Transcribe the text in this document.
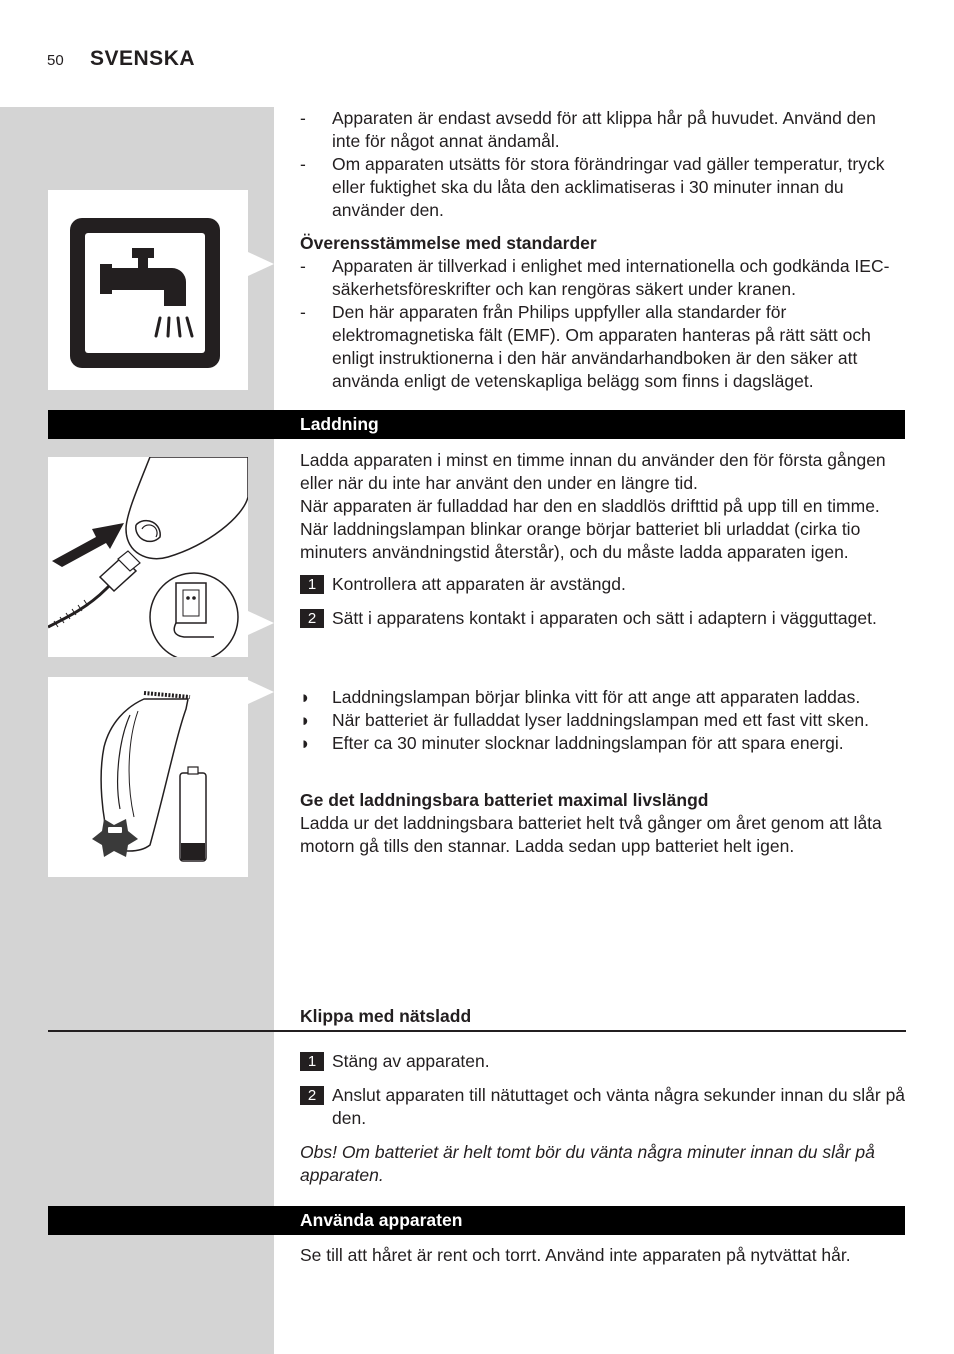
50 SVENSKA
- Apparaten är endast avsedd för att klippa hår på huvudet. Använd den inte för något annat ändamål.
- Om apparaten utsätts för stora förändringar vad gäller temperatur, tryck eller fuktighet ska du låta den acklimatiseras i 30 minuter innan du använder den.
Överensstämmelse med standarder
- Apparaten är tillverkad i enlighet med internationella och godkända IEC-säkerhetsföreskrifter och kan rengöras säkert under kranen.
- Den här apparaten från Philips uppfyller alla standarder för elektromagnetiska fält (EMF). Om apparaten hanteras på rätt sätt och enligt instruktionerna i den här användarhandboken är den säker att använda enligt de vetenskapliga belägg som finns i dagsläget.
Laddning
Ladda apparaten i minst en timme innan du använder den för första gången eller när du inte har använt den under en längre tid.
När apparaten är fulladdad har den en sladdlös drifttid på upp till en timme.
När laddningslampan blinkar orange börjar batteriet bli urladdat (cirka tio minuters användningstid återstår), och du måste ladda apparaten igen.
1 Kontrollera att apparaten är avstängd.
2 Sätt i apparatens kontakt i apparaten och sätt i adaptern i vägguttaget.
◗ Laddningslampan börjar blinka vitt för att ange att apparaten laddas.
◗ När batteriet är fulladdat lyser laddningslampan med ett fast vitt sken.
◗ Efter ca 30 minuter slocknar laddningslampan för att spara energi.
Ge det laddningsbara batteriet maximal livslängd
Ladda ur det laddningsbara batteriet helt två gånger om året genom att låta motorn gå tills den stannar. Ladda sedan upp batteriet helt igen.
Klippa med nätsladd
1 Stäng av apparaten.
2 Anslut apparaten till nätuttaget och vänta några sekunder innan du slår på den.
Obs! Om batteriet är helt tomt bör du vänta några minuter innan du slår på apparaten.
Använda apparaten
Se till att håret är rent och torrt. Använd inte apparaten på nytvättat hår.
